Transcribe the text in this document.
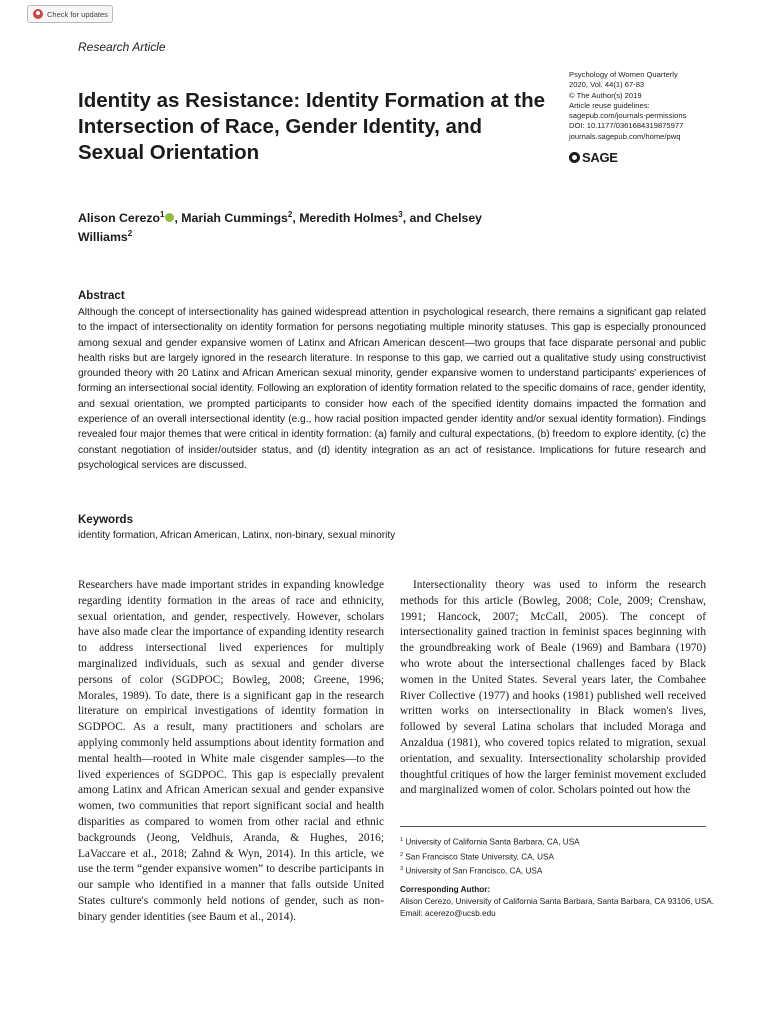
Check for updates
Research Article
Identity as Resistance: Identity Formation at the Intersection of Race, Gender Identity, and Sexual Orientation
Psychology of Women Quarterly
2020, Vol. 44(1) 67-83
© The Author(s) 2019
Article reuse guidelines:
sagepub.com/journals-permissions
DOI: 10.1177/0361684319875977
journals.sagepub.com/home/pwq
SAGE

Alison Cerezo$^1$ , Mariah Cummings$^2$, Meredith Holmes$^3$, and Chelsey Williams$^2$

Abstract

Although the concept of intersectionality has gained widespread attention in psychological research, there remains a significant gap related to the impact of intersectionality on identity formation for persons negotiating multiple minority statuses. This gap is especially pronounced among sexual and gender expansive women of Latinx and African American descent—two groups that face disparate personal and public health risks but are largely ignored in the research literature. In response to this gap, we carried out a qualitative study using constructivist grounded theory with 20 Latinx and African American sexual minority, gender expansive women to understand participants' experiences of forming an intersectional social identity. Following an exploration of identity formation related to the specific domains of race, gender identity, and sexual orientation, we prompted participants to consider how each of the specified identity domains impacted the formation and experience of an overall intersectional identity (e.g., how racial position impacted gender identity and/or sexual identity formation). Findings revealed four major themes that were critical in identity formation: (a) family and cultural expectations, (b) freedom to explore identity, (c) the constant negotiation of insider/outsider status, and (d) identity integration as an act of resistance. Implications for future research and psychological services are discussed.

Keywords
identity formation, African American, Latinx, non-binary, sexual minority

Researchers have made important strides in expanding knowledge regarding identity formation in the areas of race and ethnicity, sexual orientation, and gender, respectively. However, scholars have also made clear the importance of expanding identity research to address intersectional lived experiences for multiply marginalized individuals, such as sexual and gender diverse persons of color (SGDPOC; Bowleg, 2008; Greene, 1996; Morales, 1989). To date, there is a significant gap in the research literature on empirical investigations of identity formation in SGDPOC. As a result, many practitioners and scholars are applying commonly held assumptions about identity formation and mental health—rooted in White male cisgender samples—to the lived experiences of SGDPOC. This gap is especially prevalent among Latinx and African American sexual and gender expansive women, two communities that report significant social and health disparities as compared to women from other racial and ethnic backgrounds (Jeong, Veldhuis, Aranda, & Hughes, 2016; LaVaccare et al., 2018; Zahnd & Wyn, 2014). In this article, we use the term “gender expansive women” to describe participants in our sample who identified in a manner that falls outside United States culture's commonly held notions of gender, such as non-binary gender identities (see Baum et al., 2014).

Intersectionality theory was used to inform the research methods for this article (Bowleg, 2008; Cole, 2009; Crenshaw, 1991; Hancock, 2007; McCall, 2005). The concept of intersectionality gained traction in feminist spaces beginning with the groundbreaking work of Beale (1969) and Bambara (1970) who wrote about the intersectional challenges faced by Black women in the United States. Several years later, the Combahee River Collective (1977) and hooks (1981) published well received written works on intersectionality in Black women's lives, followed by several Latina scholars that included Moraga and Anzaldua (1981), who covered topics related to migration, sexual orientation, and sexuality. Intersectionality scholarship provided thoughtful critiques of how the larger feminist movement excluded and marginalized women of color. Scholars pointed out how the

$^1$ University of California Santa Barbara, CA, USA
$^2$ San Francisco State University, CA, USA
$^3$ University of San Francisco, CA, USA
Corresponding Author:
Alison Cerezo, University of California Santa Barbara, Santa Barbara, CA 93106, USA.
Email: acerezo@ucsb.edu
